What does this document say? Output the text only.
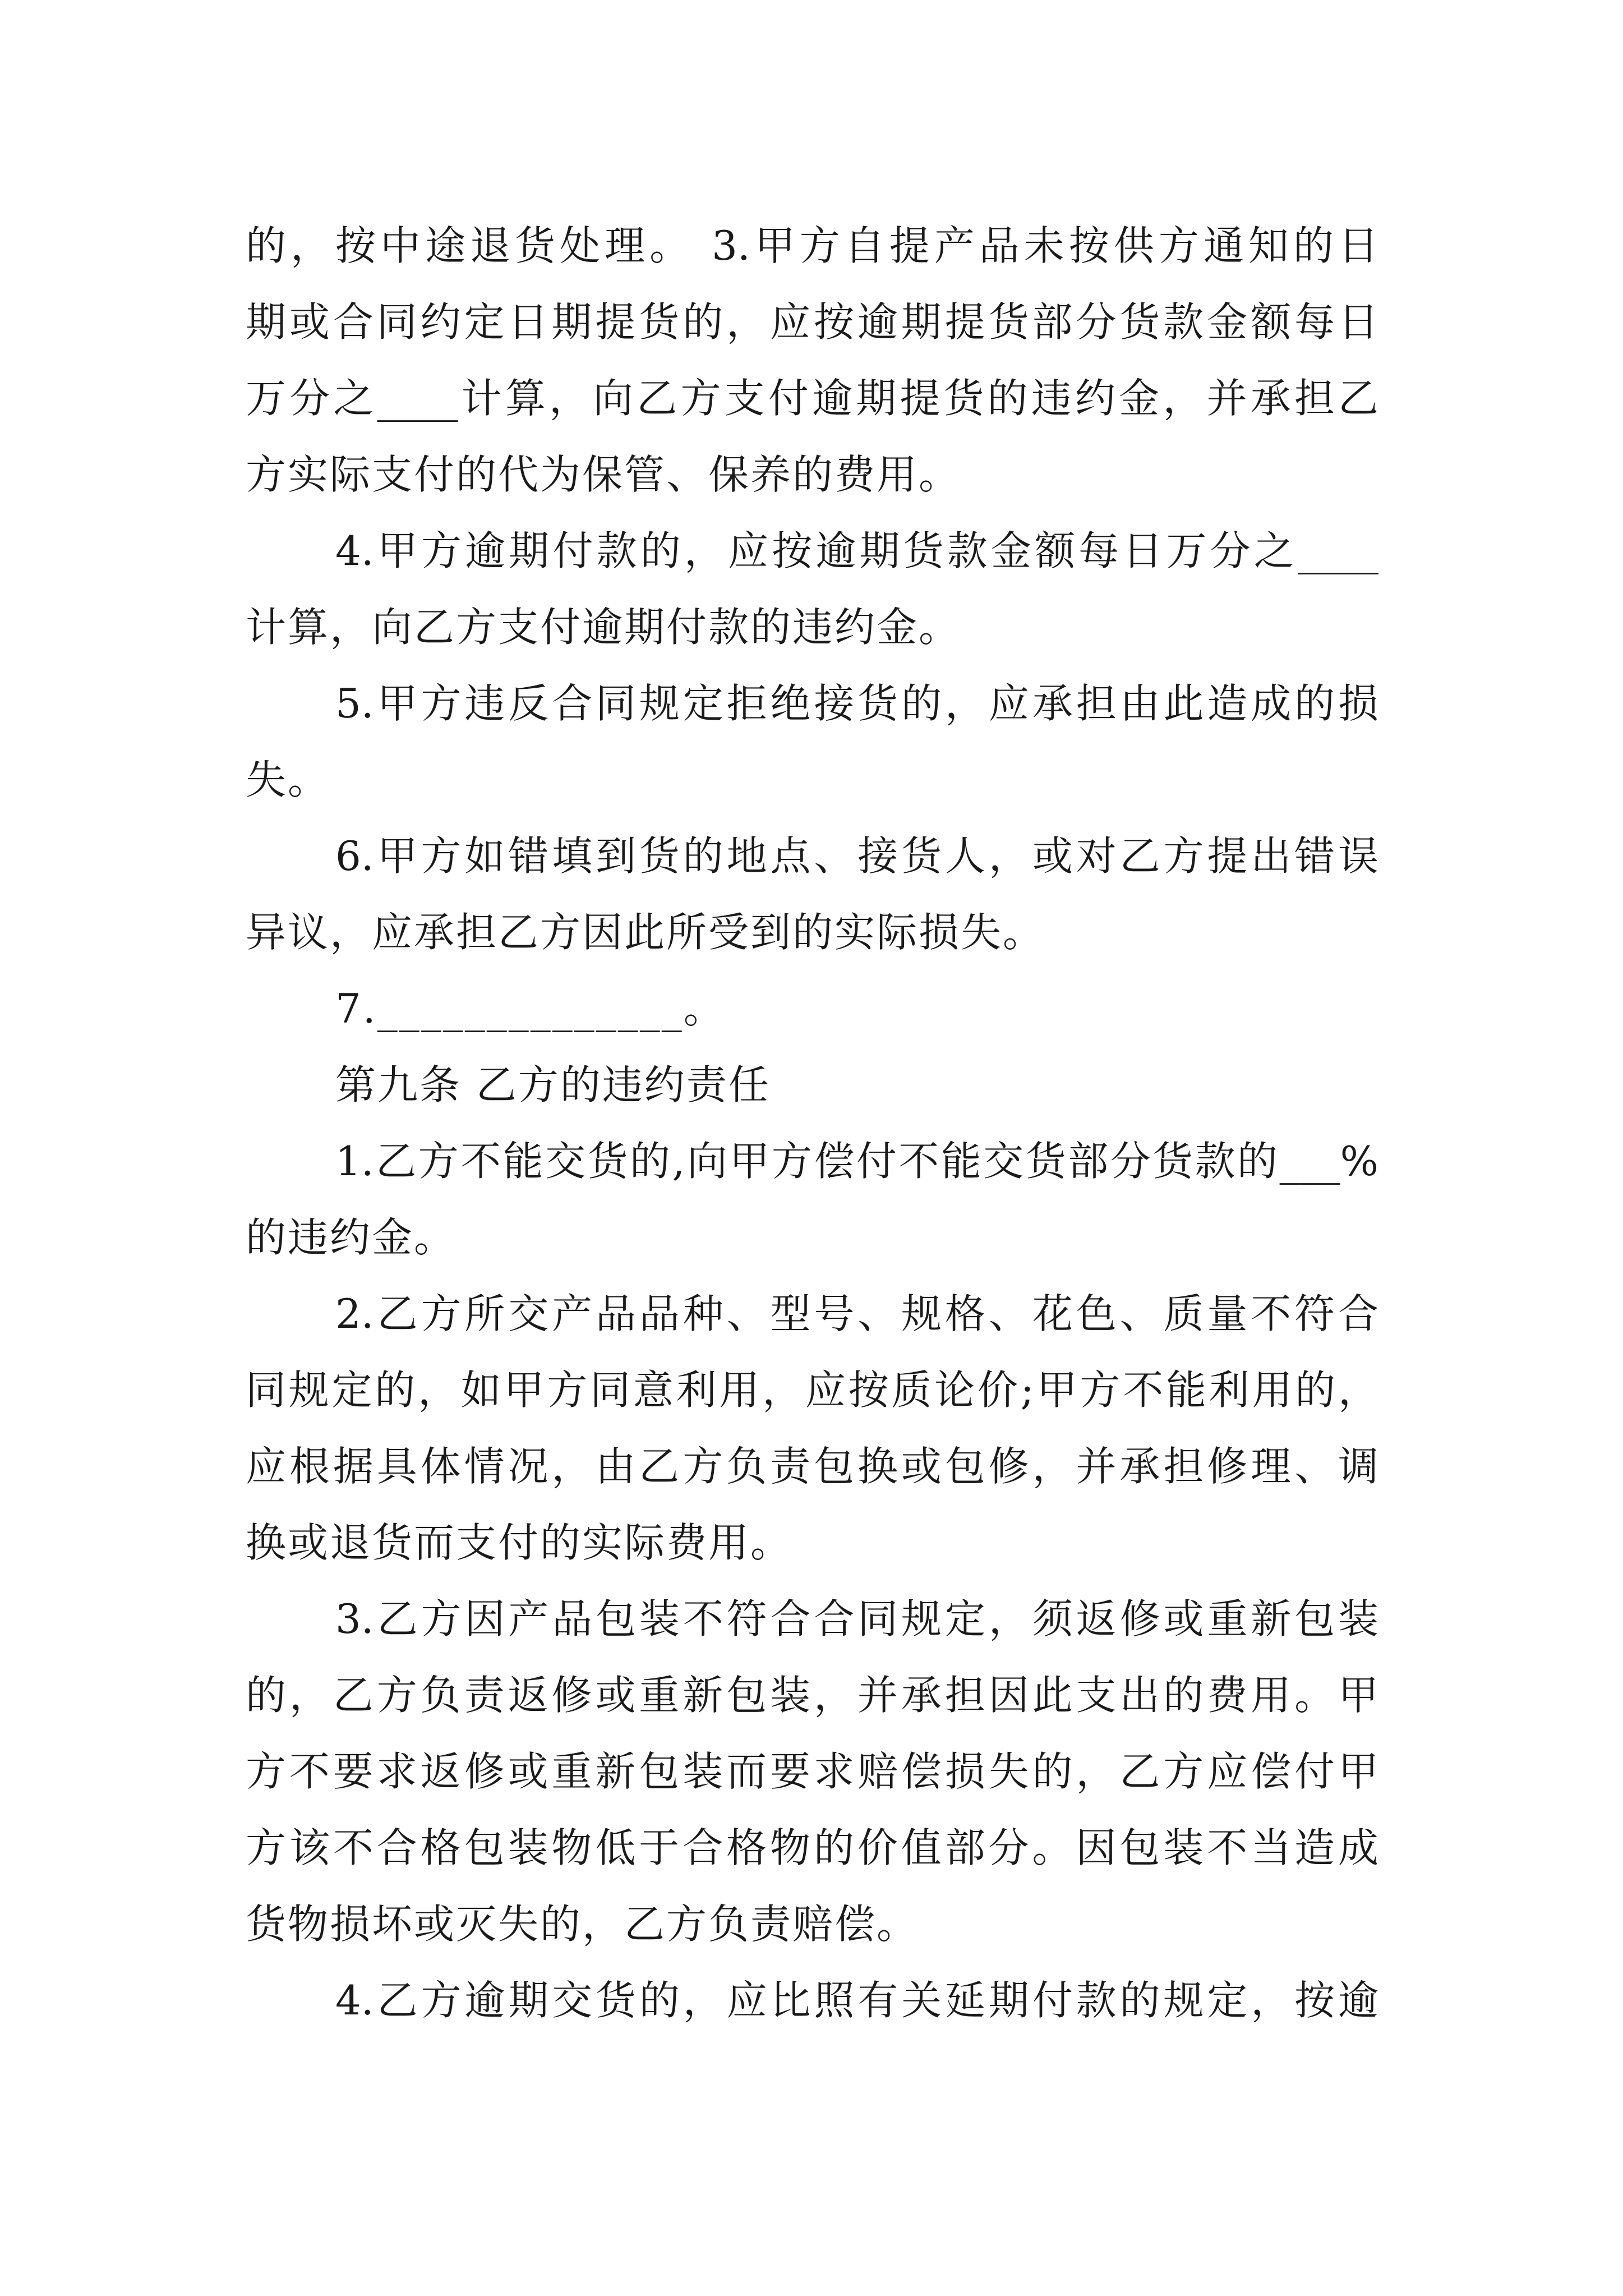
的，按中途退货处理。 3.甲方自提产品未按供方通知的日
期或合同约定日期提货的，应按逾期提货部分货款金额每日
万分之____计算，向乙方支付逾期提货的违约金，并承担乙
方实际支付的代为保管、保养的费用。
4.甲方逾期付款的，应按逾期货款金额每日万分之____
计算，向乙方支付逾期付款的违约金。
5.甲方违反合同规定拒绝接货的，应承担由此造成的损
失。
6.甲方如错填到货的地点、接货人，或对乙方提出错误
异议，应承担乙方因此所受到的实际损失。
7.______________。
第九条 乙方的违约责任
1.乙方不能交货的,向甲方偿付不能交货部分货款的___%
的违约金。
2.乙方所交产品品种、型号、规格、花色、质量不符合
同规定的，如甲方同意利用，应按质论价;甲方不能利用的，
应根据具体情况，由乙方负责包换或包修，并承担修理、调
换或退货而支付的实际费用。
3.乙方因产品包装不符合合同规定，须返修或重新包装
的，乙方负责返修或重新包装，并承担因此支出的费用。甲
方不要求返修或重新包装而要求赔偿损失的，乙方应偿付甲
方该不合格包装物低于合格物的价值部分。因包装不当造成
货物损坏或灭失的，乙方负责赔偿。
4.乙方逾期交货的，应比照有关延期付款的规定，按逾
